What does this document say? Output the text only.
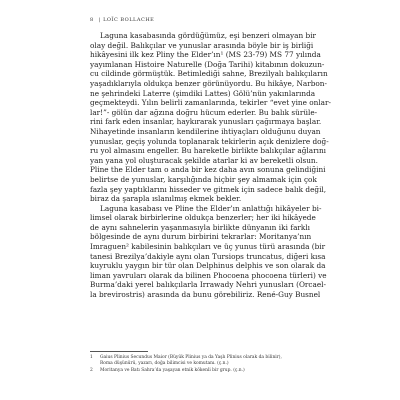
8 | LOÏC BOLLACHE
Laguna kasabasında gördüğümüz, eşi benzeri olmayan bir
olay değil. Balıkçılar ve yunuslar arasında böyle bir iş birliği
hikâyesini ilk kez Pliny the Elder’ın¹ (MS 23-79) MS 77 yılında
yayımlanan Histoire Naturelle (Doğa Tarihi) kitabının dokuzun-
cu cildinde görmüştük. Betimlediği sahne, Brezilyalı balıkçıların
yaşadıklarıyla oldukça benzer görünüyordu. Bu hikâye, Narbon-
ne şehrindeki Laterre (şimdiki Lattes) Gölü’nün yakınlarında
geçmekteydi. Yılın belirli zamanlarında, tekirler “evet yine onlar-
lar!”- gölün dar ağzına doğru hücum ederler. Bu balık sürüle-
rini fark eden insanlar, haykırarak yunusları çağırmaya başlar.
Nihayetinde insanların kendilerine ihtiyaçları olduğunu duyan
yunuslar, geçiş yolunda toplanarak tekirlerin açık denizlere doğ-
ru yol almasını engeller. Bu hareketle birlikte balıkçılar ağlarını
yan yana yol oluşturacak şekilde atarlar ki av bereketli olsun.
Pline the Elder tam o anda bir kez daha avın sonuna gelindiğini
belirtse de yunuslar, karşılığında hiçbir şey almamak için çok
fazla şey yaptıklarını hisseder ve gitmek için sadece balık değil,
biraz da şarapla ıslanılmış ekmek bekler.
Laguna kasabası ve Pline the Elder’ın anlattığı hikâyeler bi-
limsel olarak birbirlerine oldukça benzerler; her iki hikâyede
de aynı sahnelerin yaşanmasıyla birlikte dünyanın iki farklı
bölgesinde de aynı durum birbirini tekrarlar: Moritanya’nın
Imraguen² kabilesinin balıkçıları ve üç yunus türü arasında (bir
tanesi Brezilya’dakiyle aynı olan Tursiops truncatus, diğeri kısa
kuyruklu yaygın bir tür olan Delphinus delphis ve son olarak da
liman yavruları olarak da bilinen Phocoena phocoena türleri) ve
Burma’daki yerel balıkçılarla Irrawady Nehri yunusları (Orcael-
la brevirostris) arasında da bunu görebiliriz. René-Guy Busnel
1 Gaius Plinius Secundus Maior (Büyük Plinius ya da Yaşlı Plinius olarak da bilinir),
Roma düşünürü, yazarı, doğa bilimcisi ve komutanı. (ç.n.)
2 Moritanya ve Batı Sahra’da yaşayan etnik kökenli bir grup. (ç.n.)
